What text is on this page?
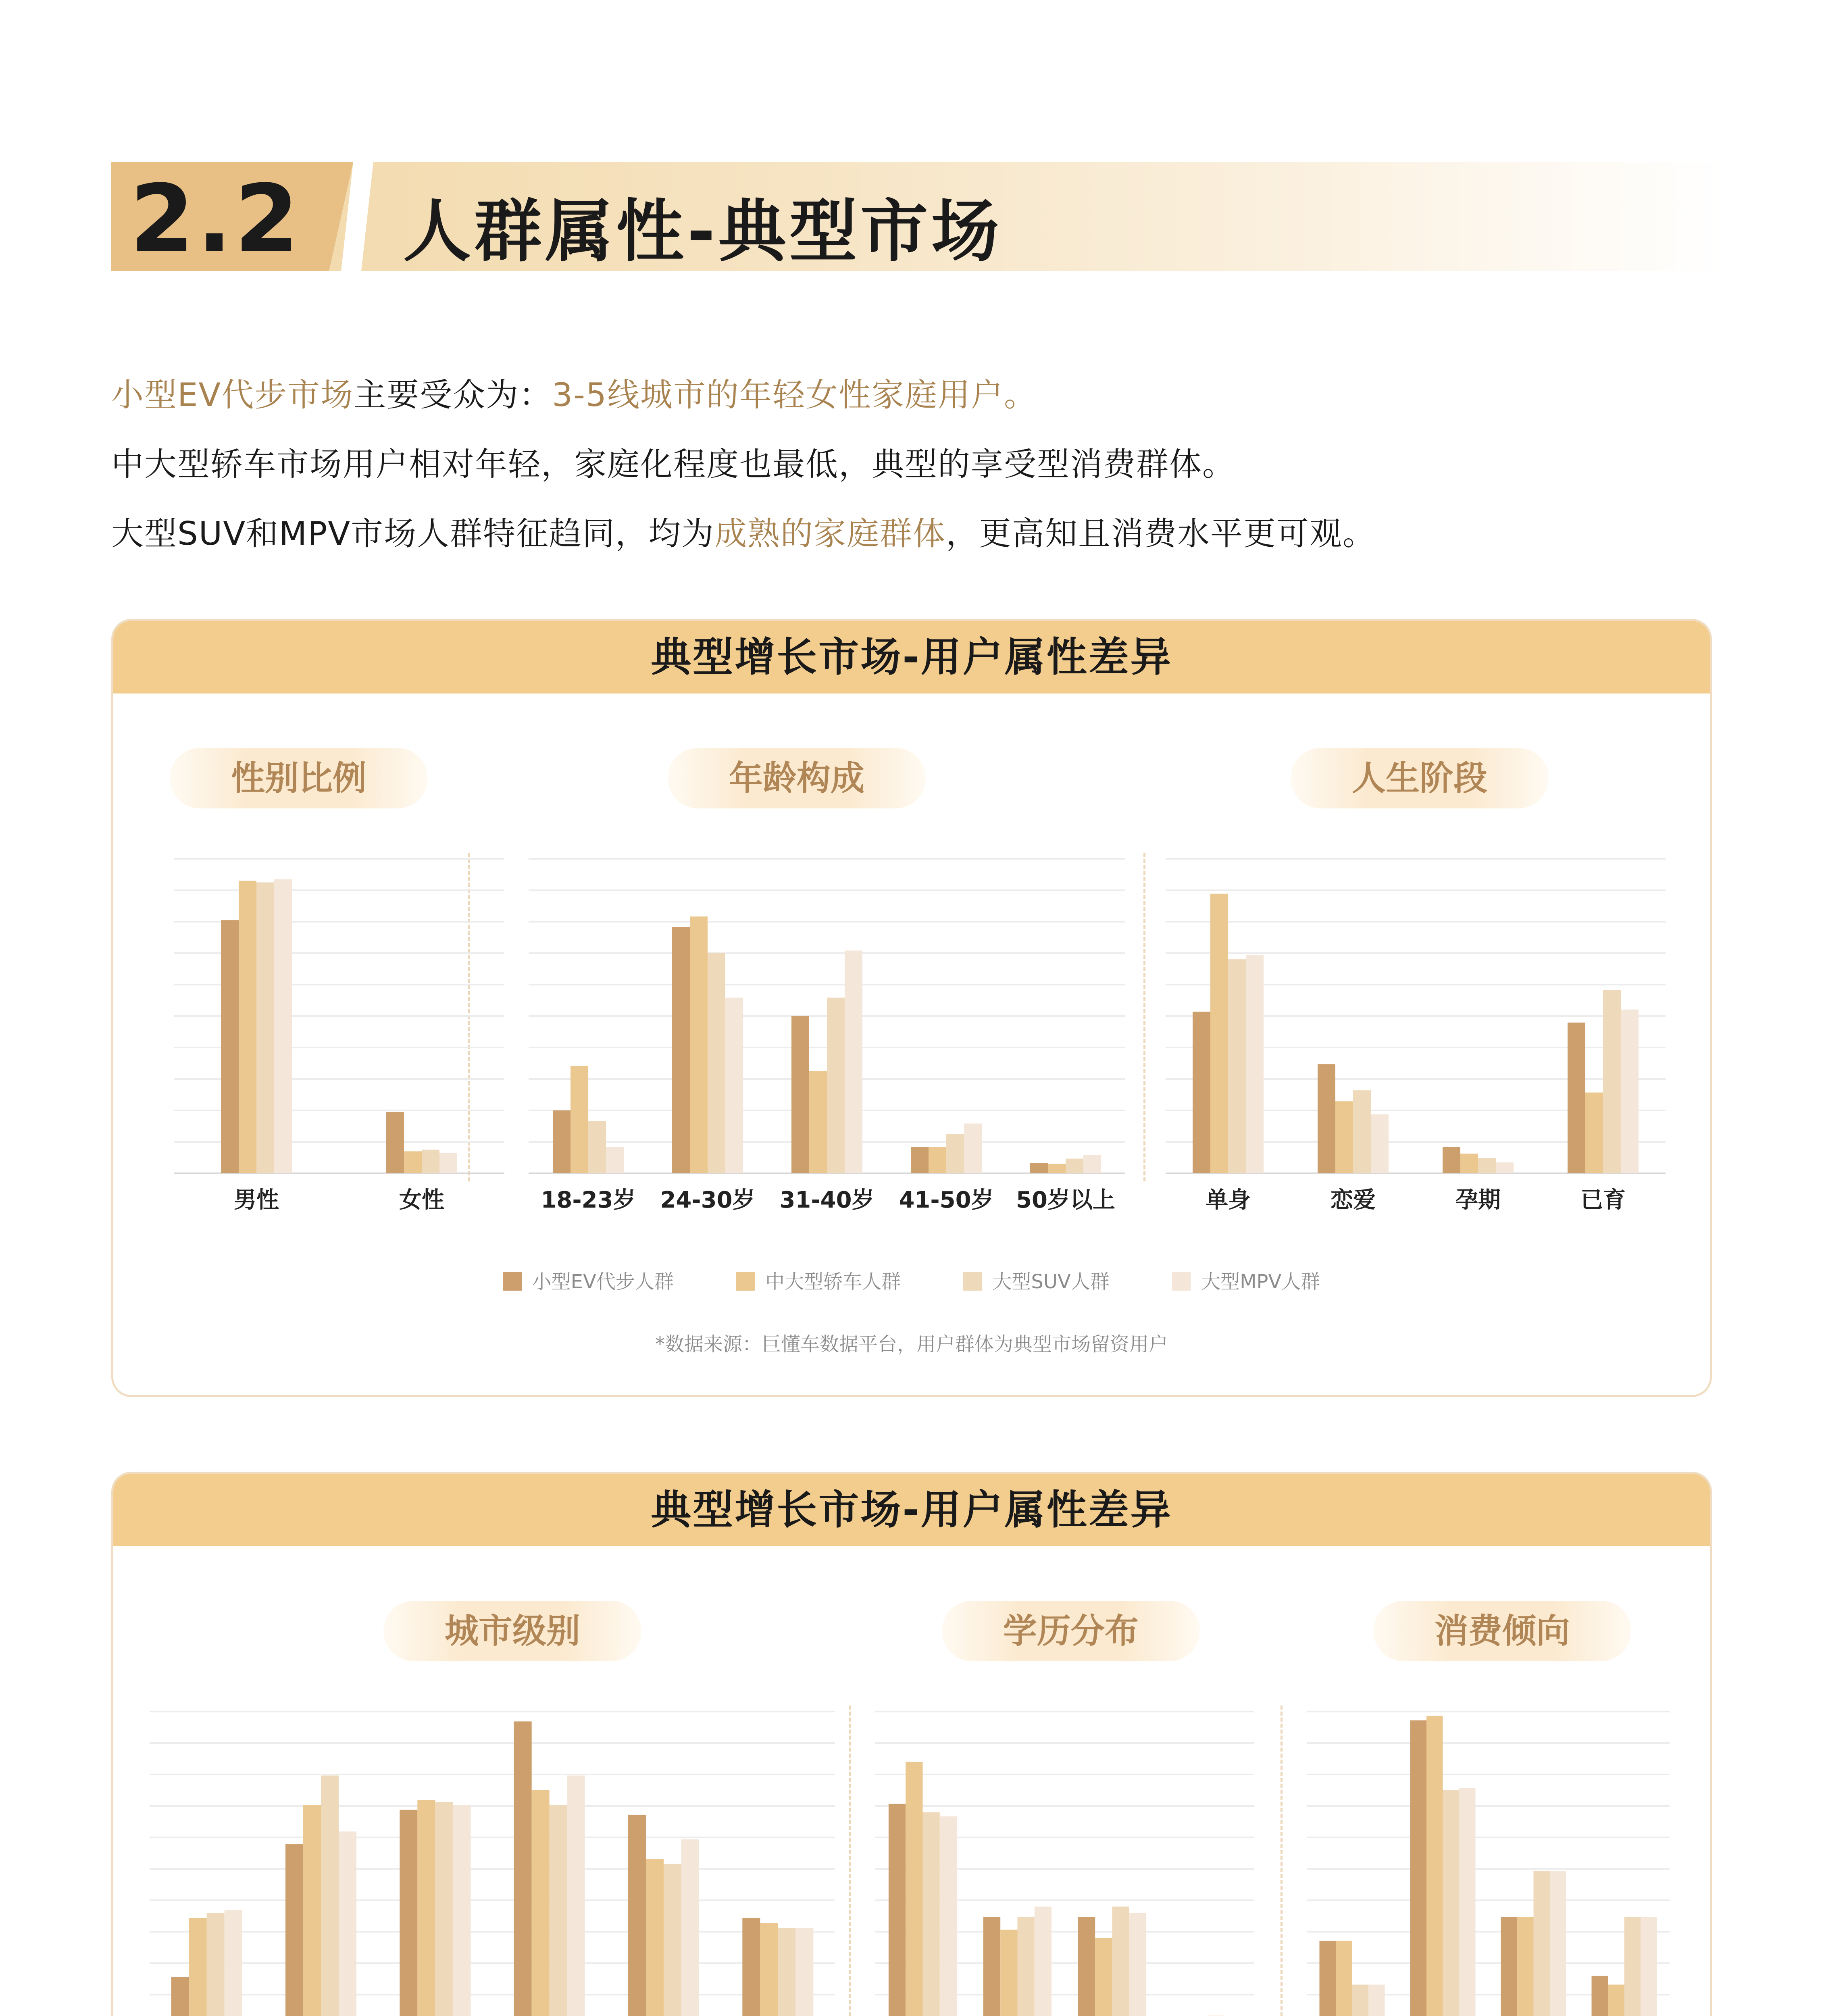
2.2 人群属性-典型市场
小型EV代步市场主要受众为：3-5线城市的年轻女性家庭用户。
中大型轿车市场用户相对年轻，家庭化程度也最低，典型的享受型消费群体。
大型SUV和MPV市场人群特征趋同，均为成熟的家庭群体，更高知且消费水平更可观。
典型增长市场-用户属性差异
性别比例	年龄构成	人生阶段
男性	女性	18-23岁 24-30岁 31-40岁 41-50岁 50岁以上	单身	恋爱	孕期	已育
小型EV代步人群	中大型轿车人群	大型SUV人群	大型MPV人群
*数据来源：巨懂车数据平台，用户群体为典型市场留资用户
典型增长市场-用户属性差异
城市级别	学历分布	消费倾向
